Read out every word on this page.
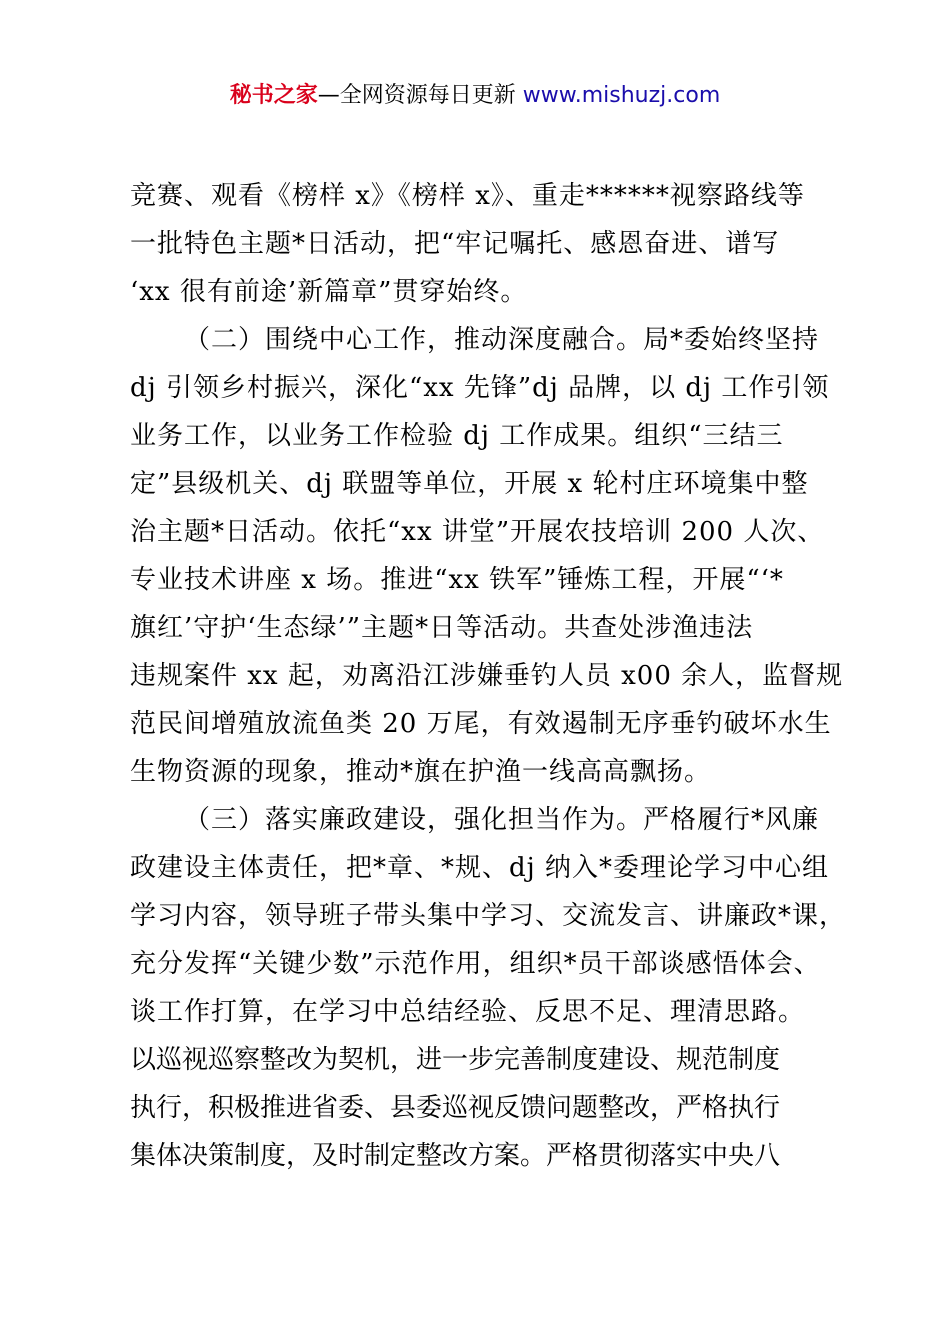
秘书之家—全网资源每日更新 www.mishuzj.com
竞赛、观看《榜样 x》《榜样 x》、重走******视察路线等
一批特色主题*日活动，把“牢记嘱托、感恩奋进、谱写
‘xx 很有前途’新篇章”贯穿始终。
（二）围绕中心工作，推动深度融合。局*委始终坚持
dj 引领乡村振兴，深化“xx 先锋”dj 品牌，以 dj 工作引领
业务工作，以业务工作检验 dj 工作成果。组织“三结三
定”县级机关、dj 联盟等单位，开展 x 轮村庄环境集中整
治主题*日活动。依托“xx 讲堂”开展农技培训 200 人次、
专业技术讲座 x 场。推进“xx 铁军”锤炼工程，开展“‘*
旗红’守护‘生态绿’”主题*日等活动。共查处涉渔违法
违规案件 xx 起，劝离沿江涉嫌垂钓人员 x00 余人，监督规
范民间增殖放流鱼类 20 万尾，有效遏制无序垂钓破坏水生
生物资源的现象，推动*旗在护渔一线高高飘扬。
（三）落实廉政建设，强化担当作为。严格履行*风廉
政建设主体责任，把*章、*规、dj 纳入*委理论学习中心组
学习内容，领导班子带头集中学习、交流发言、讲廉政*课，
充分发挥“关键少数”示范作用，组织*员干部谈感悟体会、
谈工作打算，在学习中总结经验、反思不足、理清思路。
以巡视巡察整改为契机，进一步完善制度建设、规范制度
执行，积极推进省委、县委巡视反馈问题整改，严格执行
集体决策制度，及时制定整改方案。严格贯彻落实中央八
